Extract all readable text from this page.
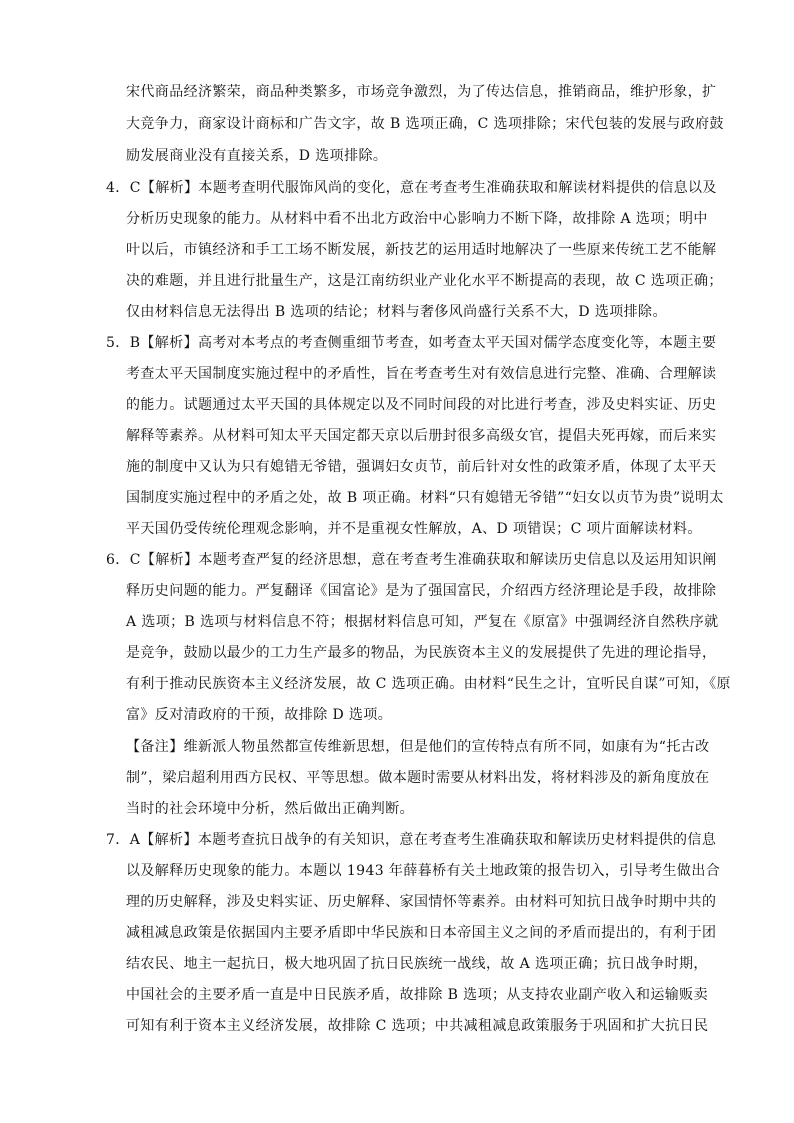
宋代商品经济繁荣，商品种类繁多，市场竞争激烈，为了传达信息，推销商品，维护形象，扩
大竞争力，商家设计商标和广告文字，故 B 选项正确，C 选项排除；宋代包装的发展与政府鼓
励发展商业没有直接关系，D 选项排除。
4．C【解析】本题考查明代服饰风尚的变化，意在考查考生准确获取和解读材料提供的信息以及
分析历史现象的能力。从材料中看不出北方政治中心影响力不断下降，故排除 A 选项；明中
叶以后，市镇经济和手工工场不断发展，新技艺的运用适时地解决了一些原来传统工艺不能解
决的难题，并且进行批量生产，这是江南纺织业产业化水平不断提高的表现，故 C 选项正确；
仅由材料信息无法得出 B 选项的结论；材料与奢侈风尚盛行关系不大，D 选项排除。
5．B【解析】高考对本考点的考查侧重细节考查，如考查太平天国对儒学态度变化等，本题主要
考查太平天国制度实施过程中的矛盾性，旨在考查考生对有效信息进行完整、准确、合理解读
的能力。试题通过太平天国的具体规定以及不同时间段的对比进行考查，涉及史料实证、历史
解释等素养。从材料可知太平天国定都天京以后册封很多高级女官，提倡夫死再嫁，而后来实
施的制度中又认为只有媳错无爷错，强调妇女贞节，前后针对女性的政策矛盾，体现了太平天
国制度实施过程中的矛盾之处，故 B 项正确。材料“只有媳错无爷错”“妇女以贞节为贵”说明太
平天国仍受传统伦理观念影响，并不是重视女性解放，A、D 项错误；C 项片面解读材料。
6．C【解析】本题考查严复的经济思想，意在考查考生准确获取和解读历史信息以及运用知识阐
释历史问题的能力。严复翻译《国富论》是为了强国富民，介绍西方经济理论是手段，故排除
A 选项；B 选项与材料信息不符；根据材料信息可知，严复在《原富》中强调经济自然秩序就
是竞争，鼓励以最少的工力生产最多的物品，为民族资本主义的发展提供了先进的理论指导，
有利于推动民族资本主义经济发展，故 C 选项正确。由材料“民生之计，宜听民自谋”可知，《原
富》反对清政府的干预，故排除 D 选项。
【备注】维新派人物虽然都宣传维新思想，但是他们的宣传特点有所不同，如康有为“托古改
制”，梁启超利用西方民权、平等思想。做本题时需要从材料出发，将材料涉及的新角度放在
当时的社会环境中分析，然后做出正确判断。
7．A【解析】本题考查抗日战争的有关知识，意在考查考生准确获取和解读历史材料提供的信息
以及解释历史现象的能力。本题以 1943 年薛暮桥有关土地政策的报告切入，引导考生做出合
理的历史解释，涉及史料实证、历史解释、家国情怀等素养。由材料可知抗日战争时期中共的
减租减息政策是依据国内主要矛盾即中华民族和日本帝国主义之间的矛盾而提出的，有利于团
结农民、地主一起抗日，极大地巩固了抗日民族统一战线，故 A 选项正确；抗日战争时期，
中国社会的主要矛盾一直是中日民族矛盾，故排除 B 选项；从支持农业副产收入和运输贩卖
可知有利于资本主义经济发展，故排除 C 选项；中共减租减息政策服务于巩固和扩大抗日民
